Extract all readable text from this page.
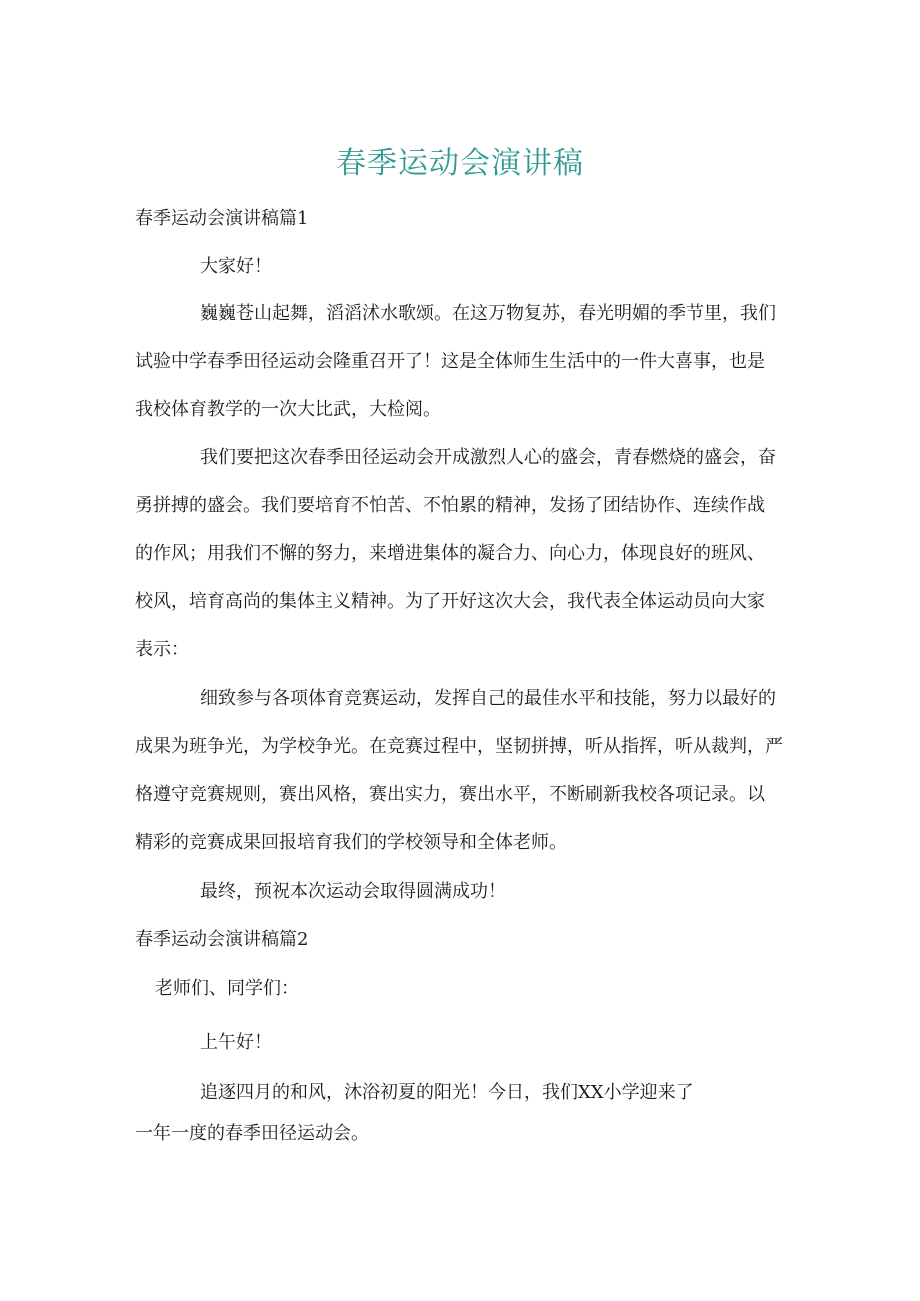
春季运动会演讲稿
春季运动会演讲稿篇1
大家好！
巍巍苍山起舞，滔滔沭水歌颂。在这万物复苏，春光明媚的季节里，我们
试验中学春季田径运动会隆重召开了！这是全体师生生活中的一件大喜事，也是
我校体育教学的一次大比武，大检阅。
我们要把这次春季田径运动会开成激烈人心的盛会，青春燃烧的盛会，奋
勇拼搏的盛会。我们要培育不怕苦、不怕累的精神，发扬了团结协作、连续作战
的作风；用我们不懈的努力，来增进集体的凝合力、向心力，体现良好的班风、
校风，培育高尚的集体主义精神。为了开好这次大会，我代表全体运动员向大家
表示：
细致参与各项体育竞赛运动，发挥自己的最佳水平和技能，努力以最好的
成果为班争光，为学校争光。在竞赛过程中，坚韧拼搏，听从指挥，听从裁判，严
格遵守竞赛规则，赛出风格，赛出实力，赛出水平，不断刷新我校各项记录。以
精彩的竞赛成果回报培育我们的学校领导和全体老师。
最终，预祝本次运动会取得圆满成功！
春季运动会演讲稿篇2
老师们、同学们：
上午好！
追逐四月的和风，沐浴初夏的阳光！今日，我们XX小学迎来了
一年一度的春季田径运动会。
